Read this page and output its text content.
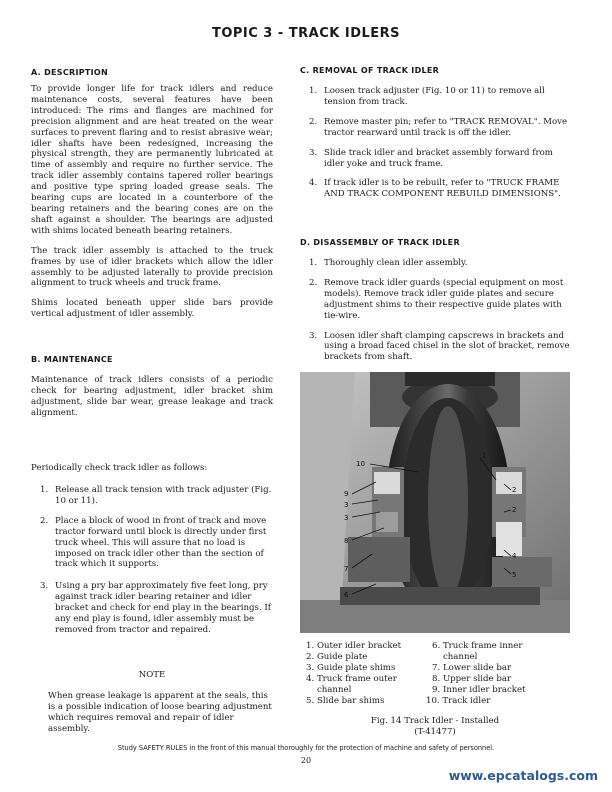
TOPIC 3 - TRACK IDLERS
A. DESCRIPTION

To provide longer life for track idlers and reduce maintenance costs, several features have been introduced: The rims and flanges are machined for precision alignment and are heat treated on the wear surfaces to prevent flaring and to resist abrasive wear; idler shafts have been redesigned, increasing the physical strength, they are permanently lubricated at time of assembly and require no further service. The track idler assembly contains tapered roller bearings and positive type spring loaded grease seals. The bearing cups are located in a counterbore of the bearing retainers and the bearing cones are on the shaft against a shoulder. The bearings are adjusted with shims located beneath bearing retainers.

The track idler assembly is attached to the truck frames by use of idler brackets which allow the idler assembly to be adjusted laterally to provide precision alignment to truck wheels and truck frame.

Shims located beneath upper slide bars provide vertical adjustment of idler assembly.

B. MAINTENANCE
Maintenance of track idlers consists of a periodic check for bearing adjustment, idler bracket shim adjustment, slide bar wear, grease leakage and track alignment.
Periodically check track idler as follows:
1. Release all track tension with track adjuster (Fig. 10 or 11).
2. Place a block of wood in front of track and move tractor forward until block is directly under first truck wheel. This will assure that no load is imposed on track idler other than the section of track which it supports.
3. Using a pry bar approximately five feet long, pry against track idler bearing retainer and idler bracket and check for end play in the bearings. If any end play is found, idler assembly must be removed from tractor and repaired.
NOTE
When grease leakage is apparent at the seals, this is a possible indication of loose bearing adjustment which requires removal and repair of idler assembly.
C. REMOVAL OF TRACK IDLER
1. Loosen track adjuster (Fig. 10 or 11) to remove all tension from track.
2. Remove master pin; refer to "TRACK REMOVAL". Move tractor rearward until track is off the idler.
3. Slide track idler and bracket assembly forward from idler yoke and truck frame.
4. If track idler is to be rebuilt, refer to "TRUCK FRAME AND TRACK COMPONENT REBUILD DIMENSIONS".
D. DISASSEMBLY OF TRACK IDLER
1. Thoroughly clean idler assembly.
2. Remove track idler guards (special equipment on most models). Remove track idler guide plates and secure adjustment shims to their respective guide plates with tie-wire.
3. Loosen idler shaft clamping capscrews in brackets and using a broad faced chisel in the slot of bracket, remove brackets from shaft.
10
1
9	2
3
2
3
8
4
7
5
6
1. Outer idler bracket
2. Guide plate
3. Guide plate shims
4. Truck frame outer channel
5. Slide bar shims
6. Truck frame inner channel
7. Lower slide bar
8. Upper slide bar
9. Inner idler bracket
10. Track idler
Fig. 14 Track Idler - Installed
(T-41477)
Study SAFETY RULES in the front of this manual thoroughly for the protection of machine and safety of personnel.
20
www.epcatalogs.com
